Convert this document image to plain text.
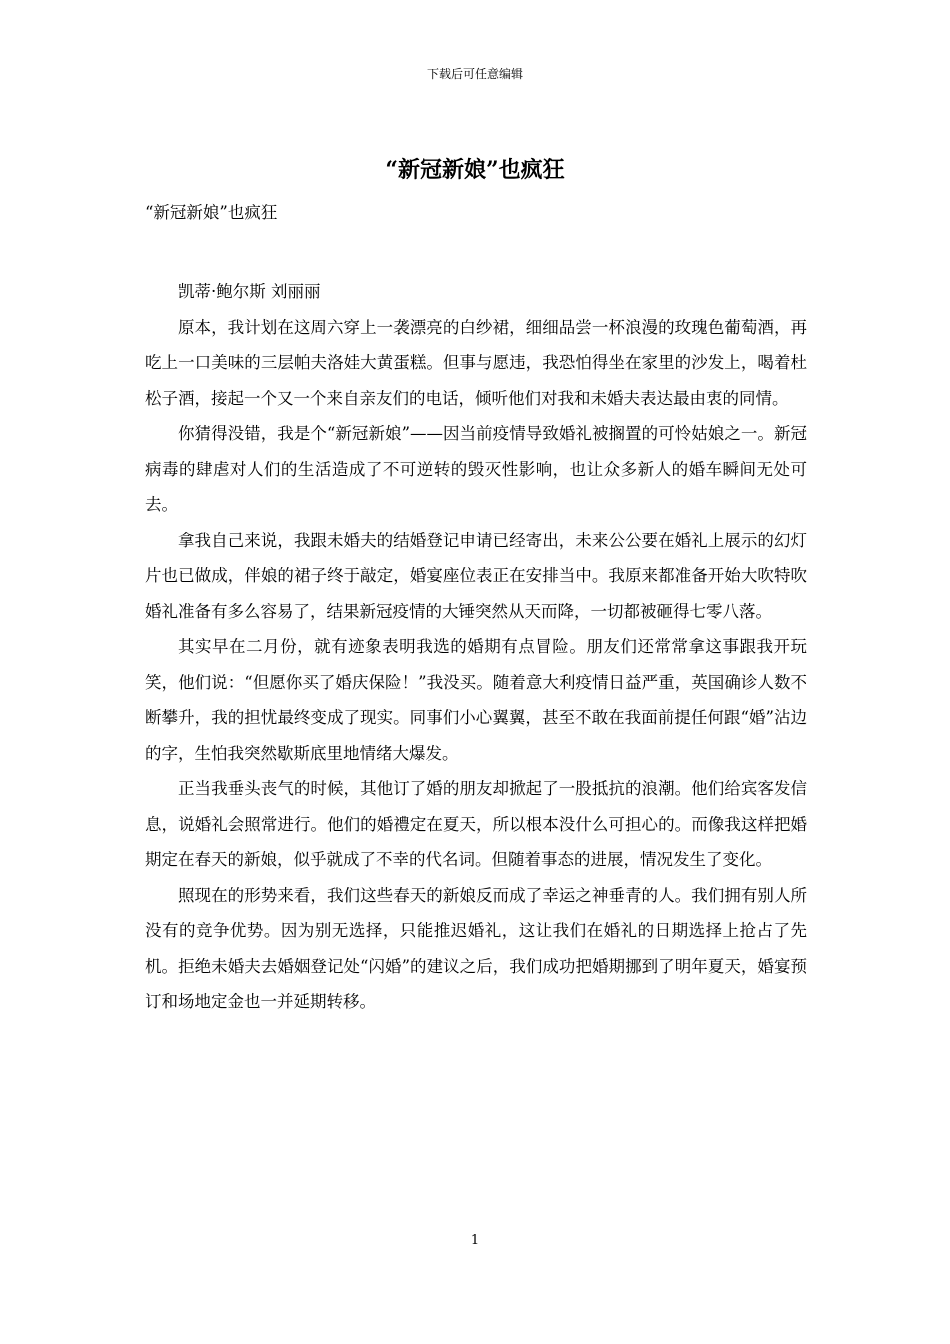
下载后可任意编辑
“新冠新娘”也疯狂
“新冠新娘”也疯狂

凯蒂·鲍尔斯 刘丽丽

原本，我计划在这周六穿上一袭漂亮的白纱裙，细细品尝一杯浪漫的玫瑰色葡萄酒，再吃上一口美味的三层帕夫洛娃大黄蛋糕。但事与愿违，我恐怕得坐在家里的沙发上，喝着杜松子酒，接起一个又一个来自亲友们的电话，倾听他们对我和未婚夫表达最由衷的同情。

你猜得没错，我是个“新冠新娘”——因当前疫情导致婚礼被搁置的可怜姑娘之一。新冠病毒的肆虐对人们的生活造成了不可逆转的毁灭性影响，也让众多新人的婚车瞬间无处可去。

拿我自己来说，我跟未婚夫的结婚登记申请已经寄出，未来公公要在婚礼上展示的幻灯片也已做成，伴娘的裙子终于敲定，婚宴座位表正在安排当中。我原来都准备开始大吹特吹婚礼准备有多么容易了，结果新冠疫情的大锤突然从天而降，一切都被砸得七零八落。

其实早在二月份，就有迹象表明我选的婚期有点冒险。朋友们还常常拿这事跟我开玩笑，他们说：“但愿你买了婚庆保险！”我没买。随着意大利疫情日益严重，英国确诊人数不断攀升，我的担忧最终变成了现实。同事们小心翼翼，甚至不敢在我面前提任何跟“婚”沾边的字，生怕我突然歇斯底里地情绪大爆发。

正当我垂头丧气的时候，其他订了婚的朋友却掀起了一股抵抗的浪潮。他们给宾客发信息，说婚礼会照常进行。他们的婚禮定在夏天，所以根本没什么可担心的。而像我这样把婚期定在春天的新娘，似乎就成了不幸的代名词。但随着事态的进展，情况发生了变化。

照现在的形势来看，我们这些春天的新娘反而成了幸运之神垂青的人。我们拥有别人所没有的竞争优势。因为别无选择，只能推迟婚礼，这让我们在婚礼的日期选择上抢占了先机。拒绝未婚夫去婚姻登记处“闪婚”的建议之后，我们成功把婚期挪到了明年夏天，婚宴预订和场地定金也一并延期转移。

1
